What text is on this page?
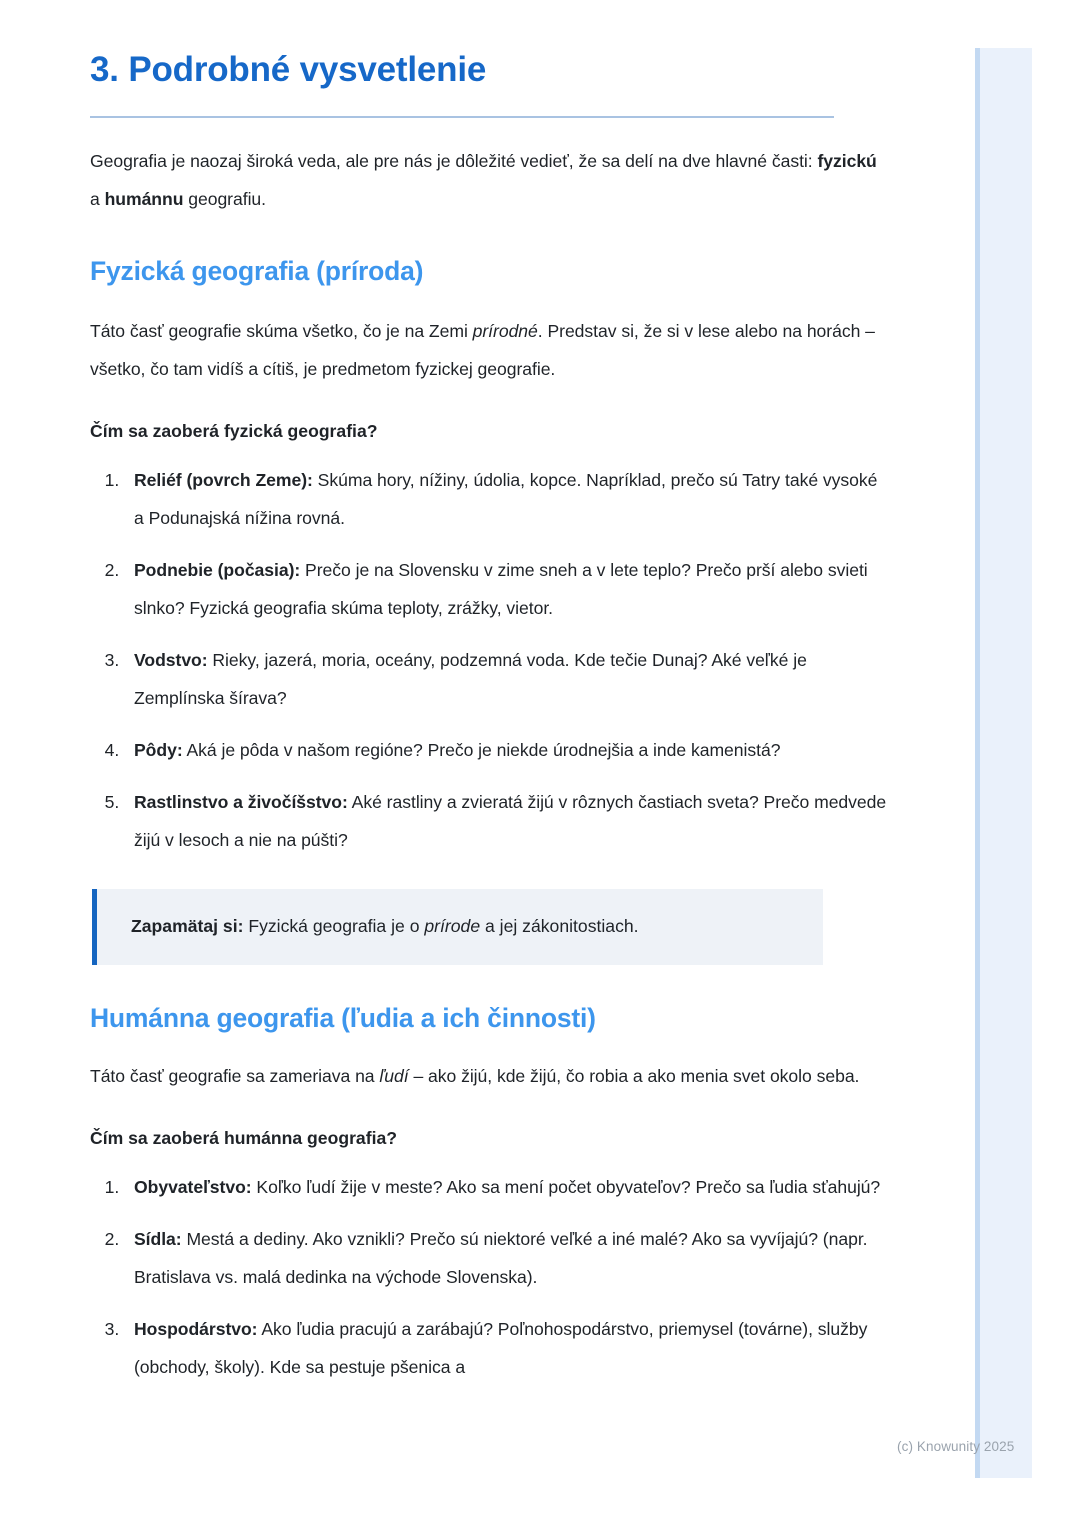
3. Podrobné vysvetlenie

Geografia je naozaj široká veda, ale pre nás je dôležité vedieť, že sa delí na dve hlavné časti: fyzickú a humánnu geografiu.

Fyzická geografia (príroda)

Táto časť geografie skúma všetko, čo je na Zemi prírodné. Predstav si, že si v lese alebo na horách – všetko, čo tam vidíš a cítiš, je predmetom fyzickej geografie.

Čím sa zaoberá fyzická geografia?
1. Reliéf (povrch Zeme): Skúma hory, nížiny, údolia, kopce. Napríklad, prečo sú Tatry také vysoké a Podunajská nížina rovná.
2. Podnebie (počasia): Prečo je na Slovensku v zime sneh a v lete teplo? Prečo prší alebo svieti slnko? Fyzická geografia skúma teploty, zrážky, vietor.
3. Vodstvo: Rieky, jazerá, moria, oceány, podzemná voda. Kde tečie Dunaj? Aké veľké je Zemplínska šírava?
4. Pôdy: Aká je pôda v našom regióne? Prečo je niekde úrodnejšia a inde kamenistá?
5. Rastlinstvo a živočíšstvo: Aké rastliny a zvieratá žijú v rôznych častiach sveta? Prečo medvede žijú v lesoch a nie na púšti?

Zapamätaj si: Fyzická geografia je o prírode a jej zákonitostiach.

Humánna geografia (ľudia a ich činnosti)

Táto časť geografie sa zameriava na ľudí – ako žijú, kde žijú, čo robia a ako menia svet okolo seba.

Čím sa zaoberá humánna geografia?
1. Obyvateľstvo: Koľko ľudí žije v meste? Ako sa mení počet obyvateľov? Prečo sa ľudia sťahujú?
2. Sídla: Mestá a dediny. Ako vznikli? Prečo sú niektoré veľké a iné malé? Ako sa vyvíjajú? (napr. Bratislava vs. malá dedinka na východe Slovenska).
3. Hospodárstvo: Ako ľudia pracujú a zarábajú? Poľnohospodárstvo, priemysel (továrne), služby (obchody, školy). Kde sa pestuje pšenica a
(c) Knowunity 2025
